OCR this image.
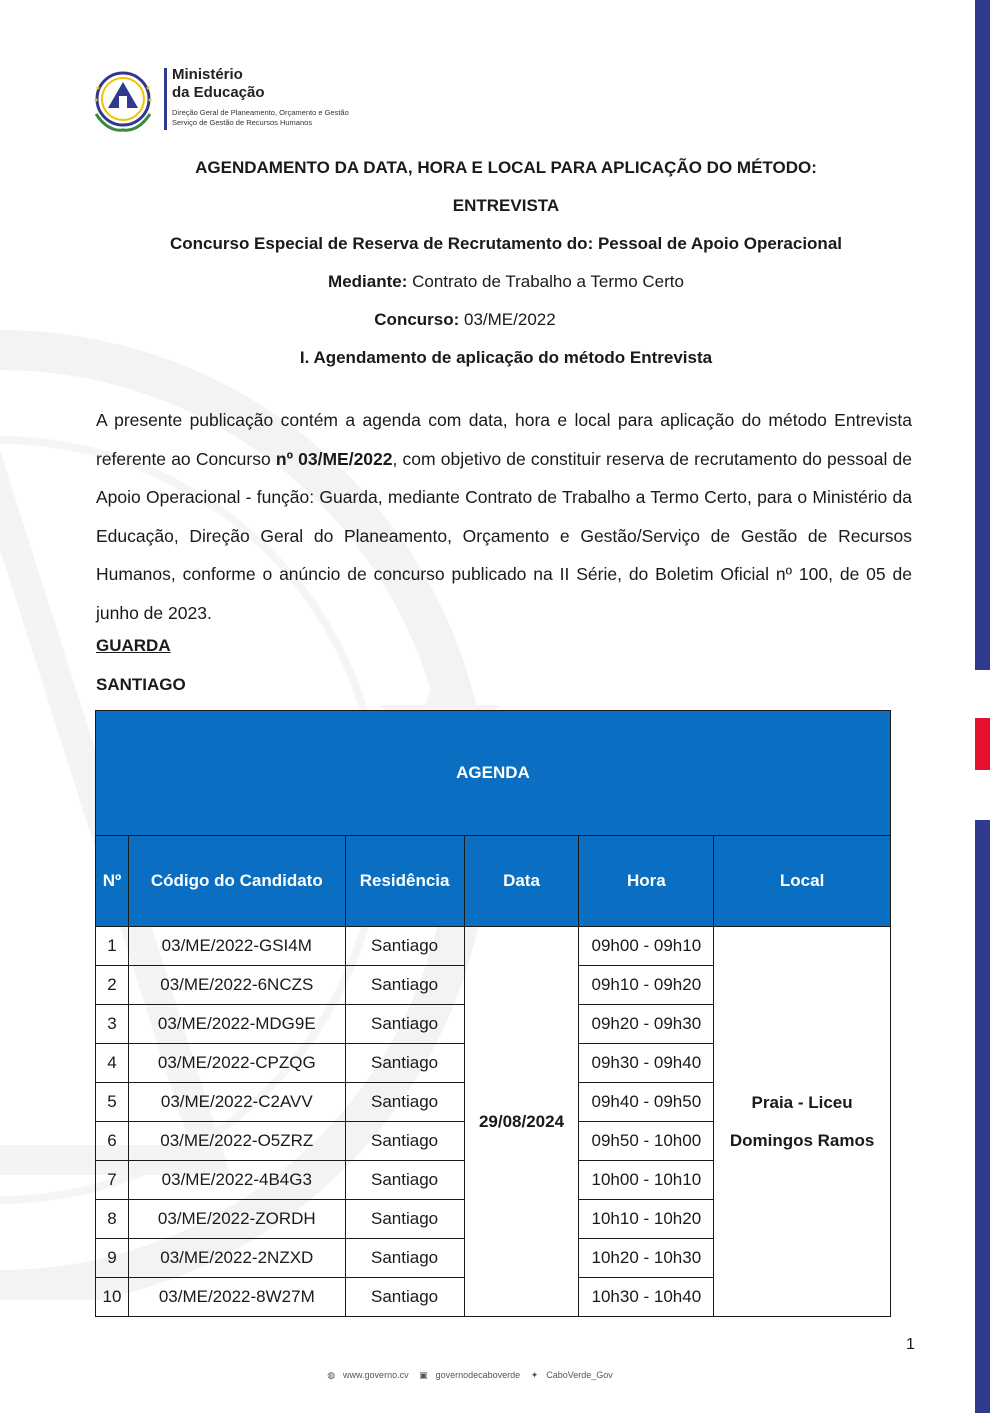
Ministério
da Educação
Direção Geral de Planeamento, Orçamento e Gestão
Serviço de Gestão de Recursos Humanos
AGENDAMENTO DA DATA, HORA E LOCAL PARA APLICAÇÃO DO MÉTODO:
ENTREVISTA
Concurso Especial de Reserva de Recrutamento do: Pessoal de Apoio Operacional
Mediante: Contrato de Trabalho a Termo Certo
Concurso: 03/ME/2022
I. Agendamento de aplicação do método Entrevista
A presente publicação contém a agenda com data, hora e local para aplicação do método Entrevista referente ao Concurso nº 03/ME/2022, com objetivo de constituir reserva de recrutamento do pessoal de Apoio Operacional - função: Guarda, mediante Contrato de Trabalho a Termo Certo, para o Ministério da Educação, Direção Geral do Planeamento, Orçamento e Gestão/Serviço de Gestão de Recursos Humanos, conforme o anúncio de concurso publicado na II Série, do Boletim Oficial nº 100, de 05 de junho de 2023.
GUARDA
SANTIAGO
AGENDA					
Nº	Código do Candidato	Residência	Data	Hora	Local
1	03/ME/2022-GSI4M	Santiago	29/08/2024	09h00 - 09h10	Praia - Liceu
Domingos Ramos

2	03/ME/2022-6NCZS	Santiago		09h10 - 09h20	
3	03/ME/2022-MDG9E	Santiago		09h20 - 09h30	
4	03/ME/2022-CPZQG	Santiago		09h30 - 09h40	
5	03/ME/2022-C2AVV	Santiago		09h40 - 09h50	
6	03/ME/2022-O5ZRZ	Santiago		09h50 - 10h00	
7	03/ME/2022-4B4G3	Santiago		10h00 - 10h10	
8	03/ME/2022-ZORDH	Santiago		10h10 - 10h20	
9	03/ME/2022-2NZXD	Santiago		10h20 - 10h30	
10	03/ME/2022-8W27M	Santiago		10h30 - 10h40	
1
◍ www.governo.cv ▣ governodecaboverde ✦ CaboVerde_Gov
